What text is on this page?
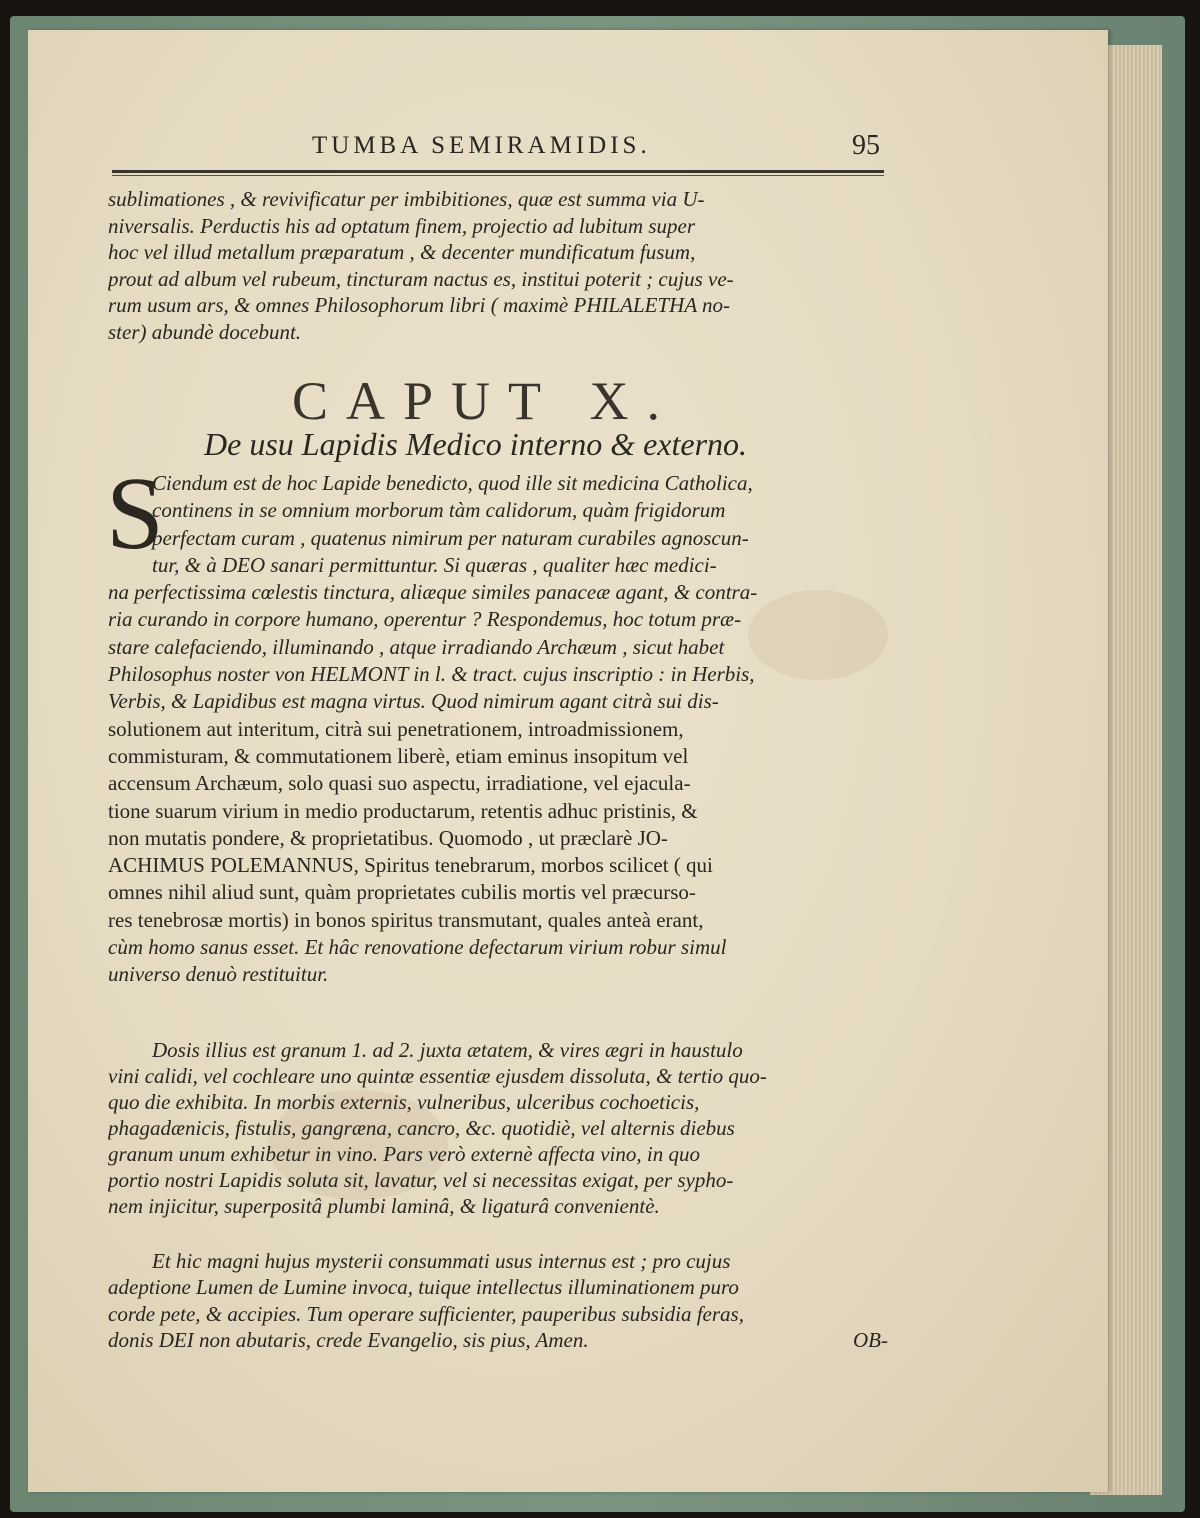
TUMBA SEMIRAMIDIS.	95
sublimationes , & revivificatur per imbibitiones, quæ est summa via U-
niversalis. Perductis his ad optatum finem, projectio ad lubitum super
hoc vel illud metallum præparatum , & decenter mundificatum fusum,
prout ad album vel rubeum, tincturam nactus es, institui poterit ; cujus ve-
rum usum ars, & omnes Philosophorum libri ( maximè PHILALETHA no-
ster) abundè docebunt.
CAPUT X.
De usu Lapidis Medico interno & externo.
S
Ciendum est de hoc Lapide benedicto, quod ille sit medicina Catholica,
continens in se omnium morborum tàm calidorum, quàm frigidorum
perfectam curam , quatenus nimirum per naturam curabiles agnoscun-
tur, & à DEO sanari permittuntur. Si quæras , qualiter hæc medici-
na perfectissima cœlestis tinctura, aliæque similes panaceæ agant, & contra-
ria curando in corpore humano, operentur ? Respondemus, hoc totum præ-
stare calefaciendo, illuminando , atque irradiando Archæum , sicut habet
Philosophus noster von HELMONT in l. & tract. cujus inscriptio : in Herbis,
Verbis, & Lapidibus est magna virtus. Quod nimirum agant citrà sui dis-
solutionem aut interitum, citrà sui penetrationem, introadmissionem,
commisturam, & commutationem liberè, etiam eminus insopitum vel
accensum Archæum, solo quasi suo aspectu, irradiatione, vel ejacula-
tione suarum virium in medio productarum, retentis adhuc pristinis, &
non mutatis pondere, & proprietatibus. Quomodo , ut præclarè JO-
ACHIMUS POLEMANNUS, Spiritus tenebrarum, morbos scilicet ( qui
omnes nihil aliud sunt, quàm proprietates cubilis mortis vel præcurso-
res tenebrosæ mortis) in bonos spiritus transmutant, quales anteà erant,
cùm homo sanus esset. Et hâc renovatione defectarum virium robur simul
universo denuò restituitur.
Dosis illius est granum 1. ad 2. juxta ætatem, & vires ægri in haustulo
vini calidi, vel cochleare uno quintæ essentiæ ejusdem dissoluta, & tertio quo-
quo die exhibita. In morbis externis, vulneribus, ulceribus cochoeticis,
phagadænicis, fistulis, gangræna, cancro, &c. quotidiè, vel alternis diebus
granum unum exhibetur in vino. Pars verò externè affecta vino, in quo
portio nostri Lapidis soluta sit, lavatur, vel si necessitas exigat, per sypho-
nem injicitur, superpositâ plumbi laminâ, & ligaturâ convenientè.
Et hic magni hujus mysterii consummati usus internus est ; pro cujus
adeptione Lumen de Lumine invoca, tuique intellectus illuminationem puro
corde pete, & accipies. Tum operare sufficienter, pauperibus subsidia feras,
donis DEI non abutaris, crede Evangelio, sis pius, Amen.	OB-
